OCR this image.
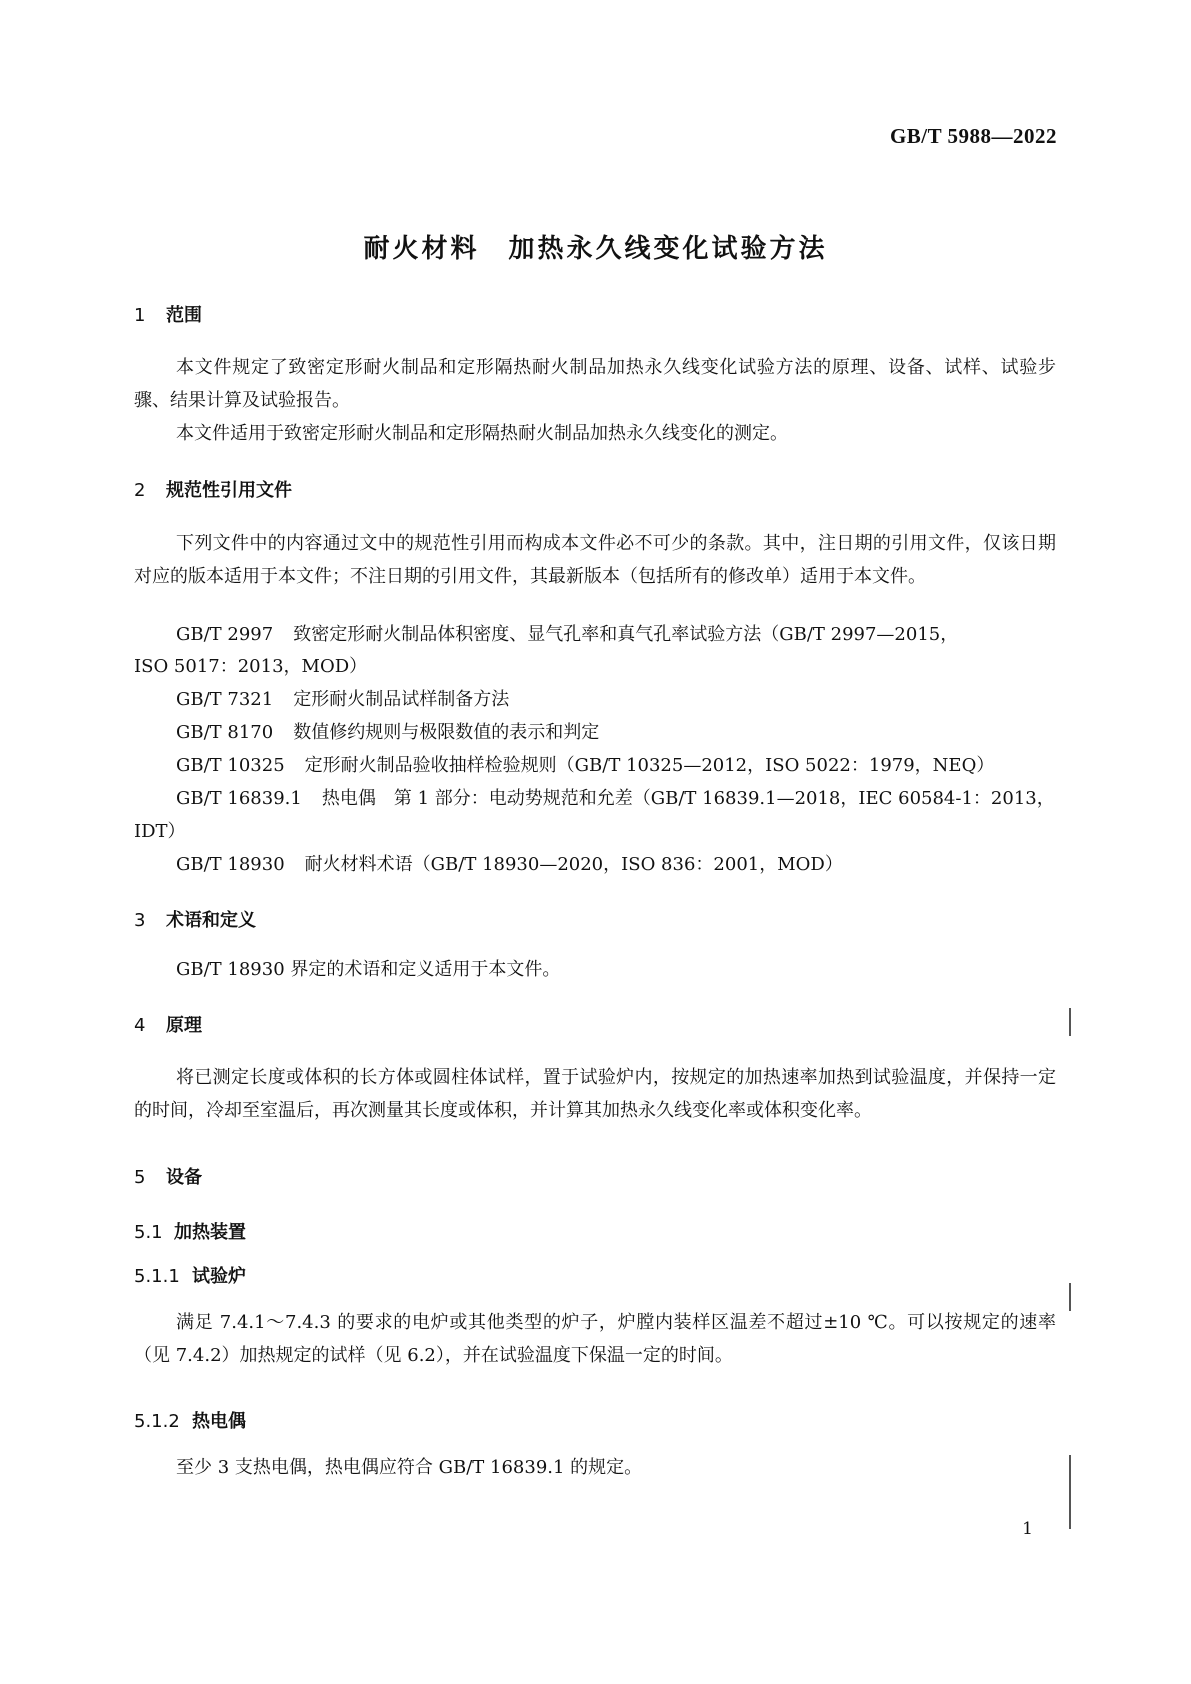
GB/T 5988—2022
耐火材料　加热永久线变化试验方法
1 范围

本文件规定了致密定形耐火制品和定形隔热耐火制品加热永久线变化试验方法的原理、设备、试样、试验步骤、结果计算及试验报告。

本文件适用于致密定形耐火制品和定形隔热耐火制品加热永久线变化的测定。

2 规范性引用文件

下列文件中的内容通过文中的规范性引用而构成本文件必不可少的条款。其中，注日期的引用文件，仅该日期对应的版本适用于本文件；不注日期的引用文件，其最新版本（包括所有的修改单）适用于本文件。

GB/T 2997 致密定形耐火制品体积密度、显气孔率和真气孔率试验方法（GB/T 2997—2015，
ISO 5017：2013，MOD）
GB/T 7321 定形耐火制品试样制备方法
GB/T 8170 数值修约规则与极限数值的表示和判定
GB/T 10325 定形耐火制品验收抽样检验规则（GB/T 10325—2012，ISO 5022：1979，NEQ）
GB/T 16839.1 热电偶　第 1 部分：电动势规范和允差（GB/T 16839.1—2018，IEC 60584-1：2013，
IDT）
GB/T 18930 耐火材料术语（GB/T 18930—2020，ISO 836：2001，MOD）
3 术语和定义

GB/T 18930 界定的术语和定义适用于本文件。

4 原理

将已测定长度或体积的长方体或圆柱体试样，置于试验炉内，按规定的加热速率加热到试验温度，并保持一定的时间，冷却至室温后，再次测量其长度或体积，并计算其加热永久线变化率或体积变化率。

5 设备
5.1 加热装置
5.1.1 试验炉

满足 7.4.1～7.4.3 的要求的电炉或其他类型的炉子，炉膛内装样区温差不超过±10 ℃。可以按规定的速率（见 7.4.2）加热规定的试样（见 6.2），并在试验温度下保温一定的时间。

5.1.2 热电偶

至少 3 支热电偶，热电偶应符合 GB/T 16839.1 的规定。

1
